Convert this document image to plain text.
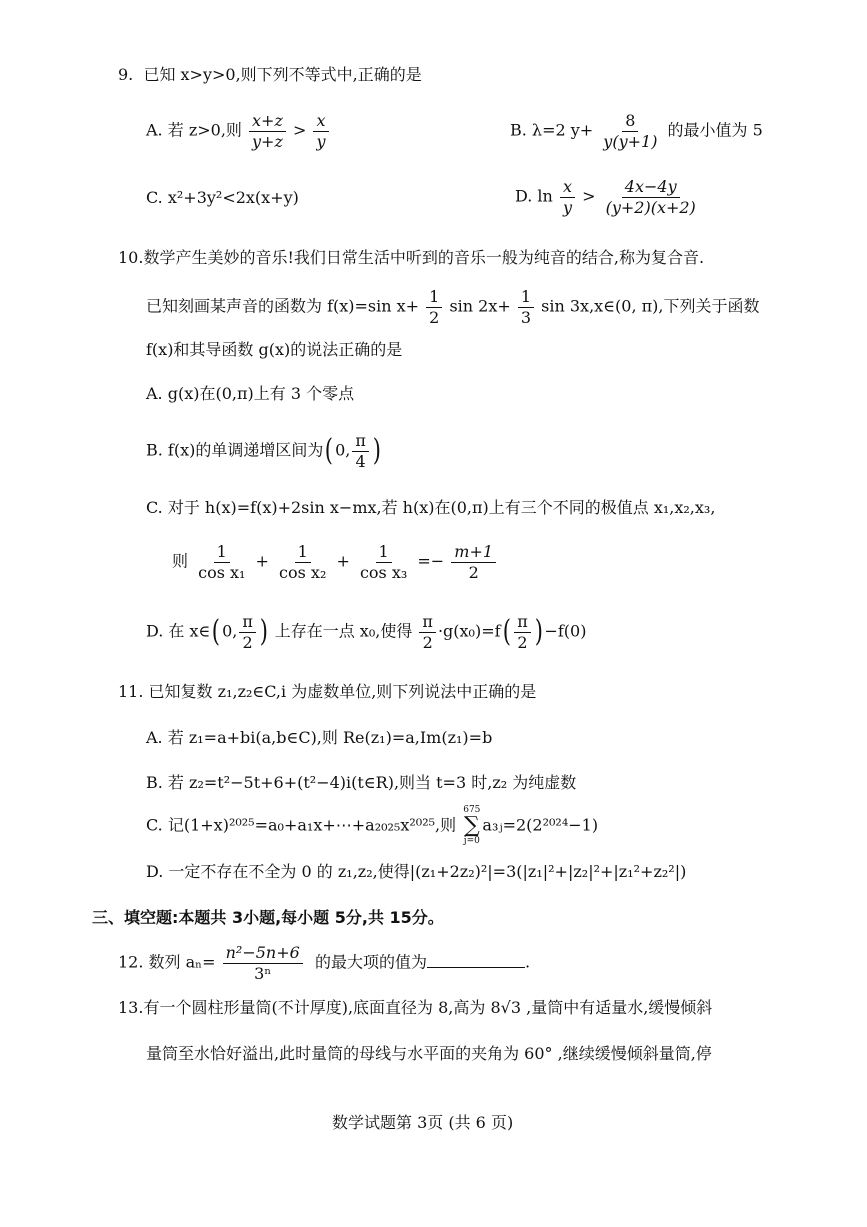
9. 已知 x>y>0,则下列不等式中,正确的是
A. 若 z>0,则 $\frac{x+z}{y+z} > \frac{x}{y}$	B. λ=2 $y+ \frac{8}{y(y+1)}$ 的最小值为 5
C. x²+3y²<2x(x+y)	D. $\ln \frac{x}{y} > \frac{4x-4y}{(y+2)(x+2)}$
10.数学产生美妙的音乐!我们日常生活中听到的音乐一般为纯音的结合,称为复合音.
已知刻画某声音的函数为 f(x)=sin $x+ \frac{1}{2}$ $\sin 2x+ \frac{1}{3}$ sin 3x,x∈(0, π),下列关于函数
f(x)和其导函数 g(x)的说法正确的是
A. g(x)在(0,π)上有 3 个零点
B. f(x)的单调递增区间为( 0, $\frac{\pi}{4}$ )
C. 对于 h(x)=f(x)+2sin x−mx,若 h(x)在(0,π)上有三个不同的极值点 x₁,x₂,x₃,
则 $\frac{1}{\text{cos x₁}} + \frac{1}{\text{cos x₂}} + \frac{1}{\text{cos x₃}} =- \frac{m+1}{2}$
D. 在 x∈( 0, $\frac{\pi}{2}$ ) 上存在一点 x₀,使得 $\frac{\pi}{2} \cdot g(x_0)=f( \frac{\pi}{2}$ ) −f(0)
11. 已知复数 z₁,z₂∈C,i 为虚数单位,则下列说法中正确的是
A. 若 z₁=a+bi(a,b∈C),则 Re(z₁)=a,Im(z₁)=b
B. 若 z₂=t²−5t+6+(t²−4)i(t∈R),则当 t=3 时,z₂ 为纯虚数
C. 记(1+x)²⁰²⁵=a₀+a₁x+⋯+a₂₀₂₅x²⁰²⁵,则
675
∑
j=0
a₃ⱼ=2(2²⁰²⁴−1)
D. 一定不存在不全为 0 的 z₁,z₂,使得|(z₁+2z₂)²|=3(|z₁|²+|z₂|²+|z₁²+z₂²|)
三、填空题:本题共 3小题,每小题 5分,共 15分。
12. 数列 $a_n= \frac{\text{n²−5n+6}}{\text{3ⁿ}}$ 的最大项的值为	.
13.有一个圆柱形量筒(不计厚度),底面直径为 8,高为 8√3 ,量筒中有适量水,缓慢倾斜
量筒至水恰好溢出,此时量筒的母线与水平面的夹角为 60° ,继续缓慢倾斜量筒,停
数学试题第 3页 (共 6 页)
